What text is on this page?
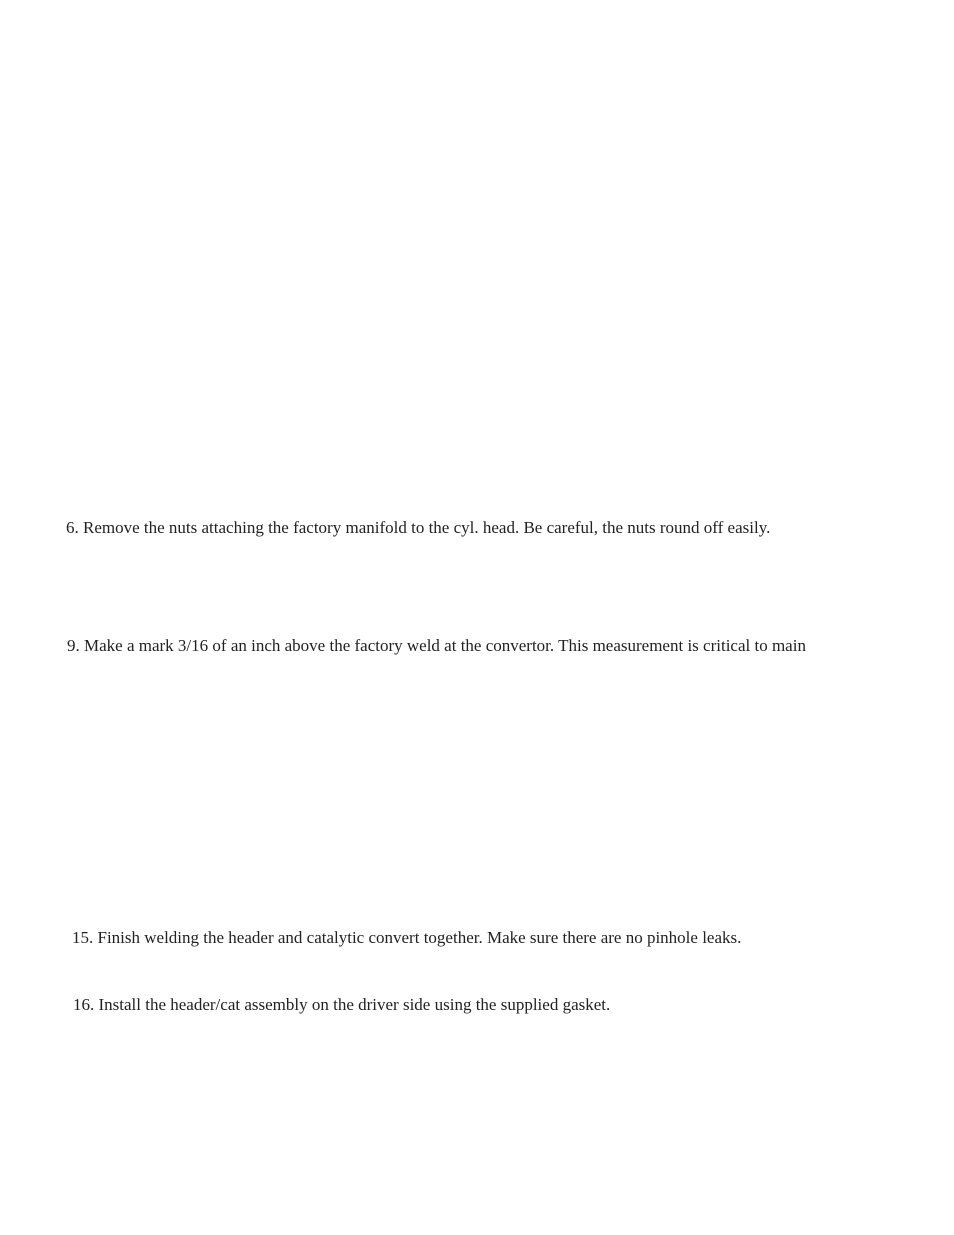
6. Remove the nuts attaching the factory manifold to the cyl. head. Be careful, the nuts round off easily.

9. Make a mark 3/16 of an inch above the factory weld at the convertor. This measurement is critical to main

15. Finish welding the header and catalytic convert together. Make sure there are no pinhole leaks.

16. Install the header/cat assembly on the driver side using the supplied gasket.
